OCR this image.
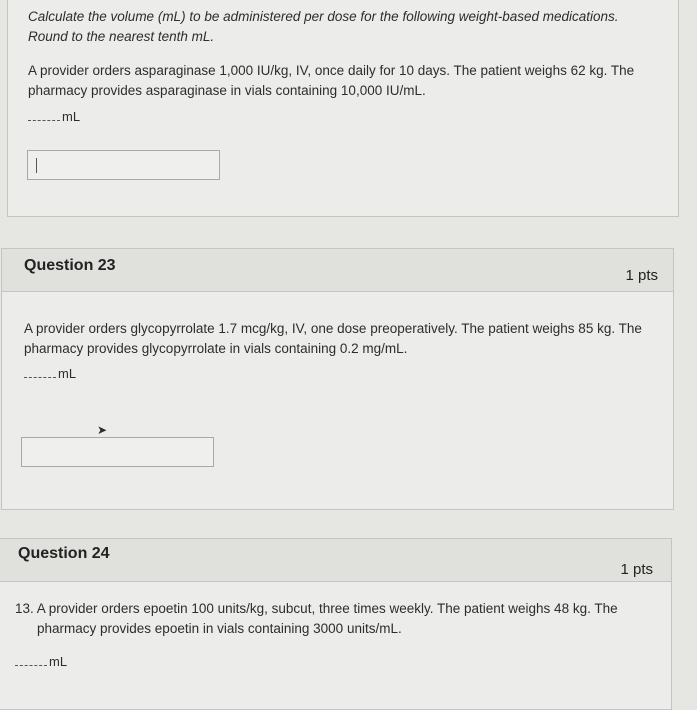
Calculate the volume (mL) to be administered per dose for the following weight-based medications. Round to the nearest tenth mL.
A provider orders asparaginase 1,000 IU/kg, IV, once daily for 10 days. The patient weighs 62 kg. The pharmacy provides asparaginase in vials containing 10,000 IU/mL.
mL
Question 23
1 pts
A provider orders glycopyrrolate 1.7 mcg/kg, IV, one dose preoperatively. The patient weighs 85 kg. The pharmacy provides glycopyrrolate in vials containing 0.2 mg/mL.
mL
➤
Question 24
1 pts
13. A provider orders epoetin 100 units/kg, subcut, three times weekly. The patient weighs 48 kg. The pharmacy provides epoetin in vials containing 3000 units/mL.
mL
